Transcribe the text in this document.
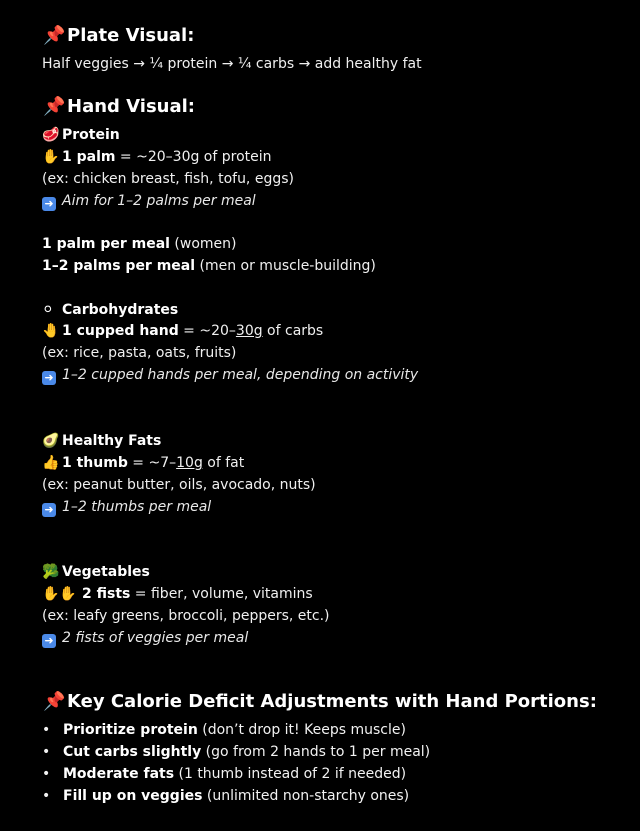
📌Plate Visual:
Half veggies → ¼ protein → ¼ carbs → add healthy fat
📌Hand Visual:
🥩 Protein
✋ 1 palm = ~20–30g of protein
(ex: chicken breast, fish, tofu, eggs)
➜ Aim for 1–2 palms per meal
1 palm per meal (women)
1–2 palms per meal (men or muscle-building)
⚪ Carbohydrates
🤚 1 cupped hand = ~20–30g of carbs
(ex: rice, pasta, oats, fruits)
➜ 1–2 cupped hands per meal, depending on activity
🥑 Healthy Fats
👍 1 thumb = ~7–10g of fat
(ex: peanut butter, oils, avocado, nuts)
➜ 1–2 thumbs per meal
🥦 Vegetables
✋✋ 2 fists = fiber, volume, vitamins
(ex: leafy greens, broccoli, peppers, etc.)
➜ 2 fists of veggies per meal
📌Key Calorie Deficit Adjustments with Hand Portions:
• Prioritize protein (don’t drop it! Keeps muscle)
• Cut carbs slightly (go from 2 hands to 1 per meal)
• Moderate fats (1 thumb instead of 2 if needed)
• Fill up on veggies (unlimited non-starchy ones)
